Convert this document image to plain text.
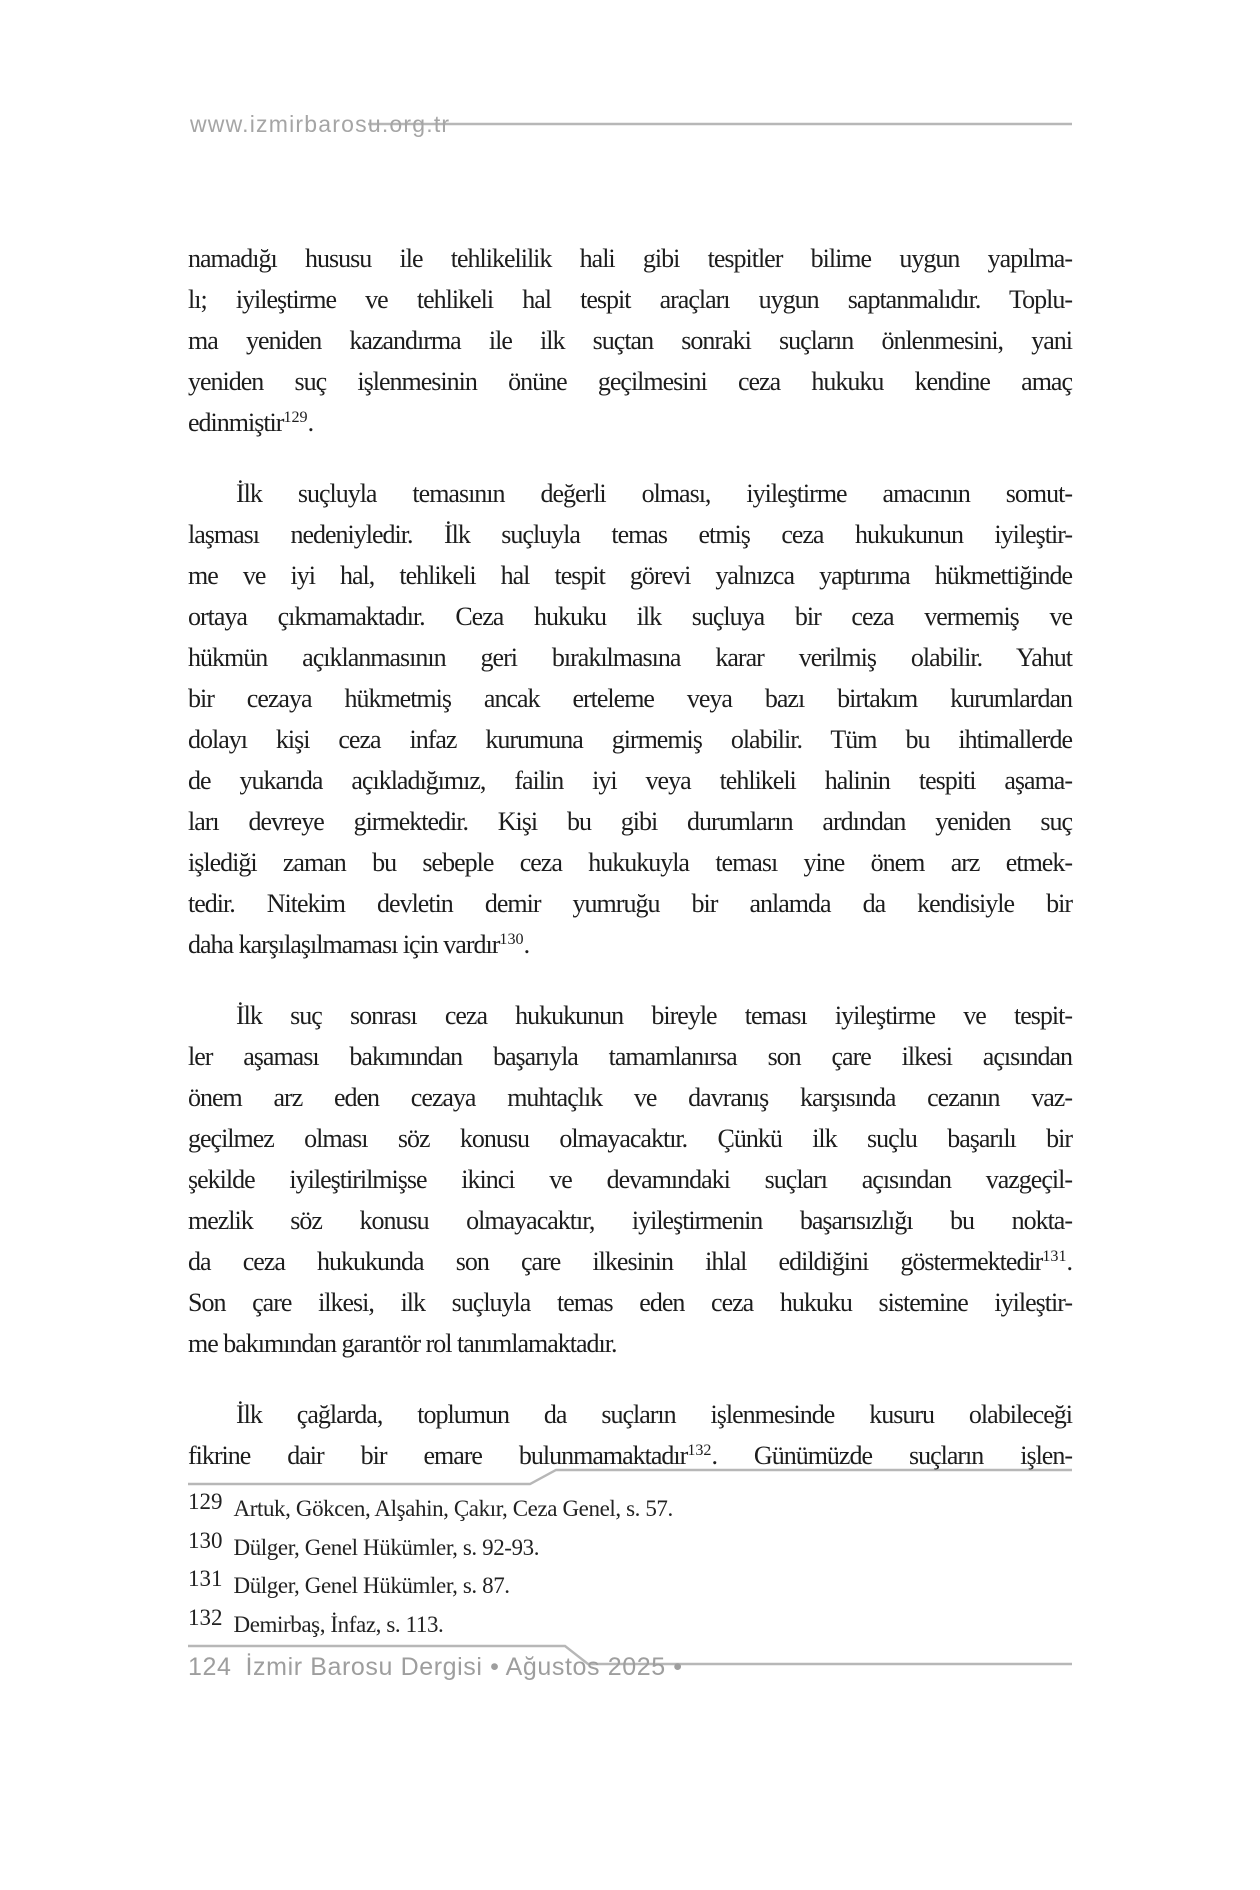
www.izmirbarosu.org.tr

namadığı hususu ile tehlikelilik hali gibi tespitler bilime uygun yapılma-
lı; iyileştirme ve tehlikeli hal tespit araçları uygun saptanmalıdır. Toplu-
ma yeniden kazandırma ile ilk suçtan sonraki suçların önlenmesini, yani
yeniden suç işlenmesinin önüne geçilmesini ceza hukuku kendine amaç
edinmiştir$^{129}$.

İlk suçluyla temasının değerli olması, iyileştirme amacının somut-
laşması nedeniyledir. İlk suçluyla temas etmiş ceza hukukunun iyileştir-
me ve iyi hal, tehlikeli hal tespit görevi yalnızca yaptırıma hükmettiğinde
ortaya çıkmamaktadır. Ceza hukuku ilk suçluya bir ceza vermemiş ve
hükmün açıklanmasının geri bırakılmasına karar verilmiş olabilir. Yahut
bir cezaya hükmetmiş ancak erteleme veya bazı birtakım kurumlardan
dolayı kişi ceza infaz kurumuna girmemiş olabilir. Tüm bu ihtimallerde
de yukarıda açıkladığımız, failin iyi veya tehlikeli halinin tespiti aşama-
ları devreye girmektedir. Kişi bu gibi durumların ardından yeniden suç
işlediği zaman bu sebeple ceza hukukuyla teması yine önem arz etmek-
tedir. Nitekim devletin demir yumruğu bir anlamda da kendisiyle bir
daha karşılaşılmaması için vardır$^{130}$.

İlk suç sonrası ceza hukukunun bireyle teması iyileştirme ve tespit-
ler aşaması bakımından başarıyla tamamlanırsa son çare ilkesi açısından
önem arz eden cezaya muhtaçlık ve davranış karşısında cezanın vaz-
geçilmez olması söz konusu olmayacaktır. Çünkü ilk suçlu başarılı bir
şekilde iyileştirilmişse ikinci ve devamındaki suçları açısından vazgeçil-
mezlik söz konusu olmayacaktır, iyileştirmenin başarısızlığı bu nokta-
da ceza hukukunda son çare ilkesinin ihlal edildiğini göstermektedir$^{131}$.
Son çare ilkesi, ilk suçluyla temas eden ceza hukuku sistemine iyileştir-
me bakımından garantör rol tanımlamaktadır.

İlk çağlarda, toplumun da suçların işlenmesinde kusuru olabileceği
fikrine dair bir emare bulunmamaktadır$^{132}$. Günümüzde suçların işlen-

129 Artuk, Gökcen, Alşahin, Çakır, Ceza Genel, s. 57.
130 Dülger, Genel Hükümler, s. 92-93.
131 Dülger, Genel Hükümler, s. 87.
132 Demirbaş, İnfaz, s. 113.
124 İzmir Barosu Dergisi • Ağustos 2025 •
